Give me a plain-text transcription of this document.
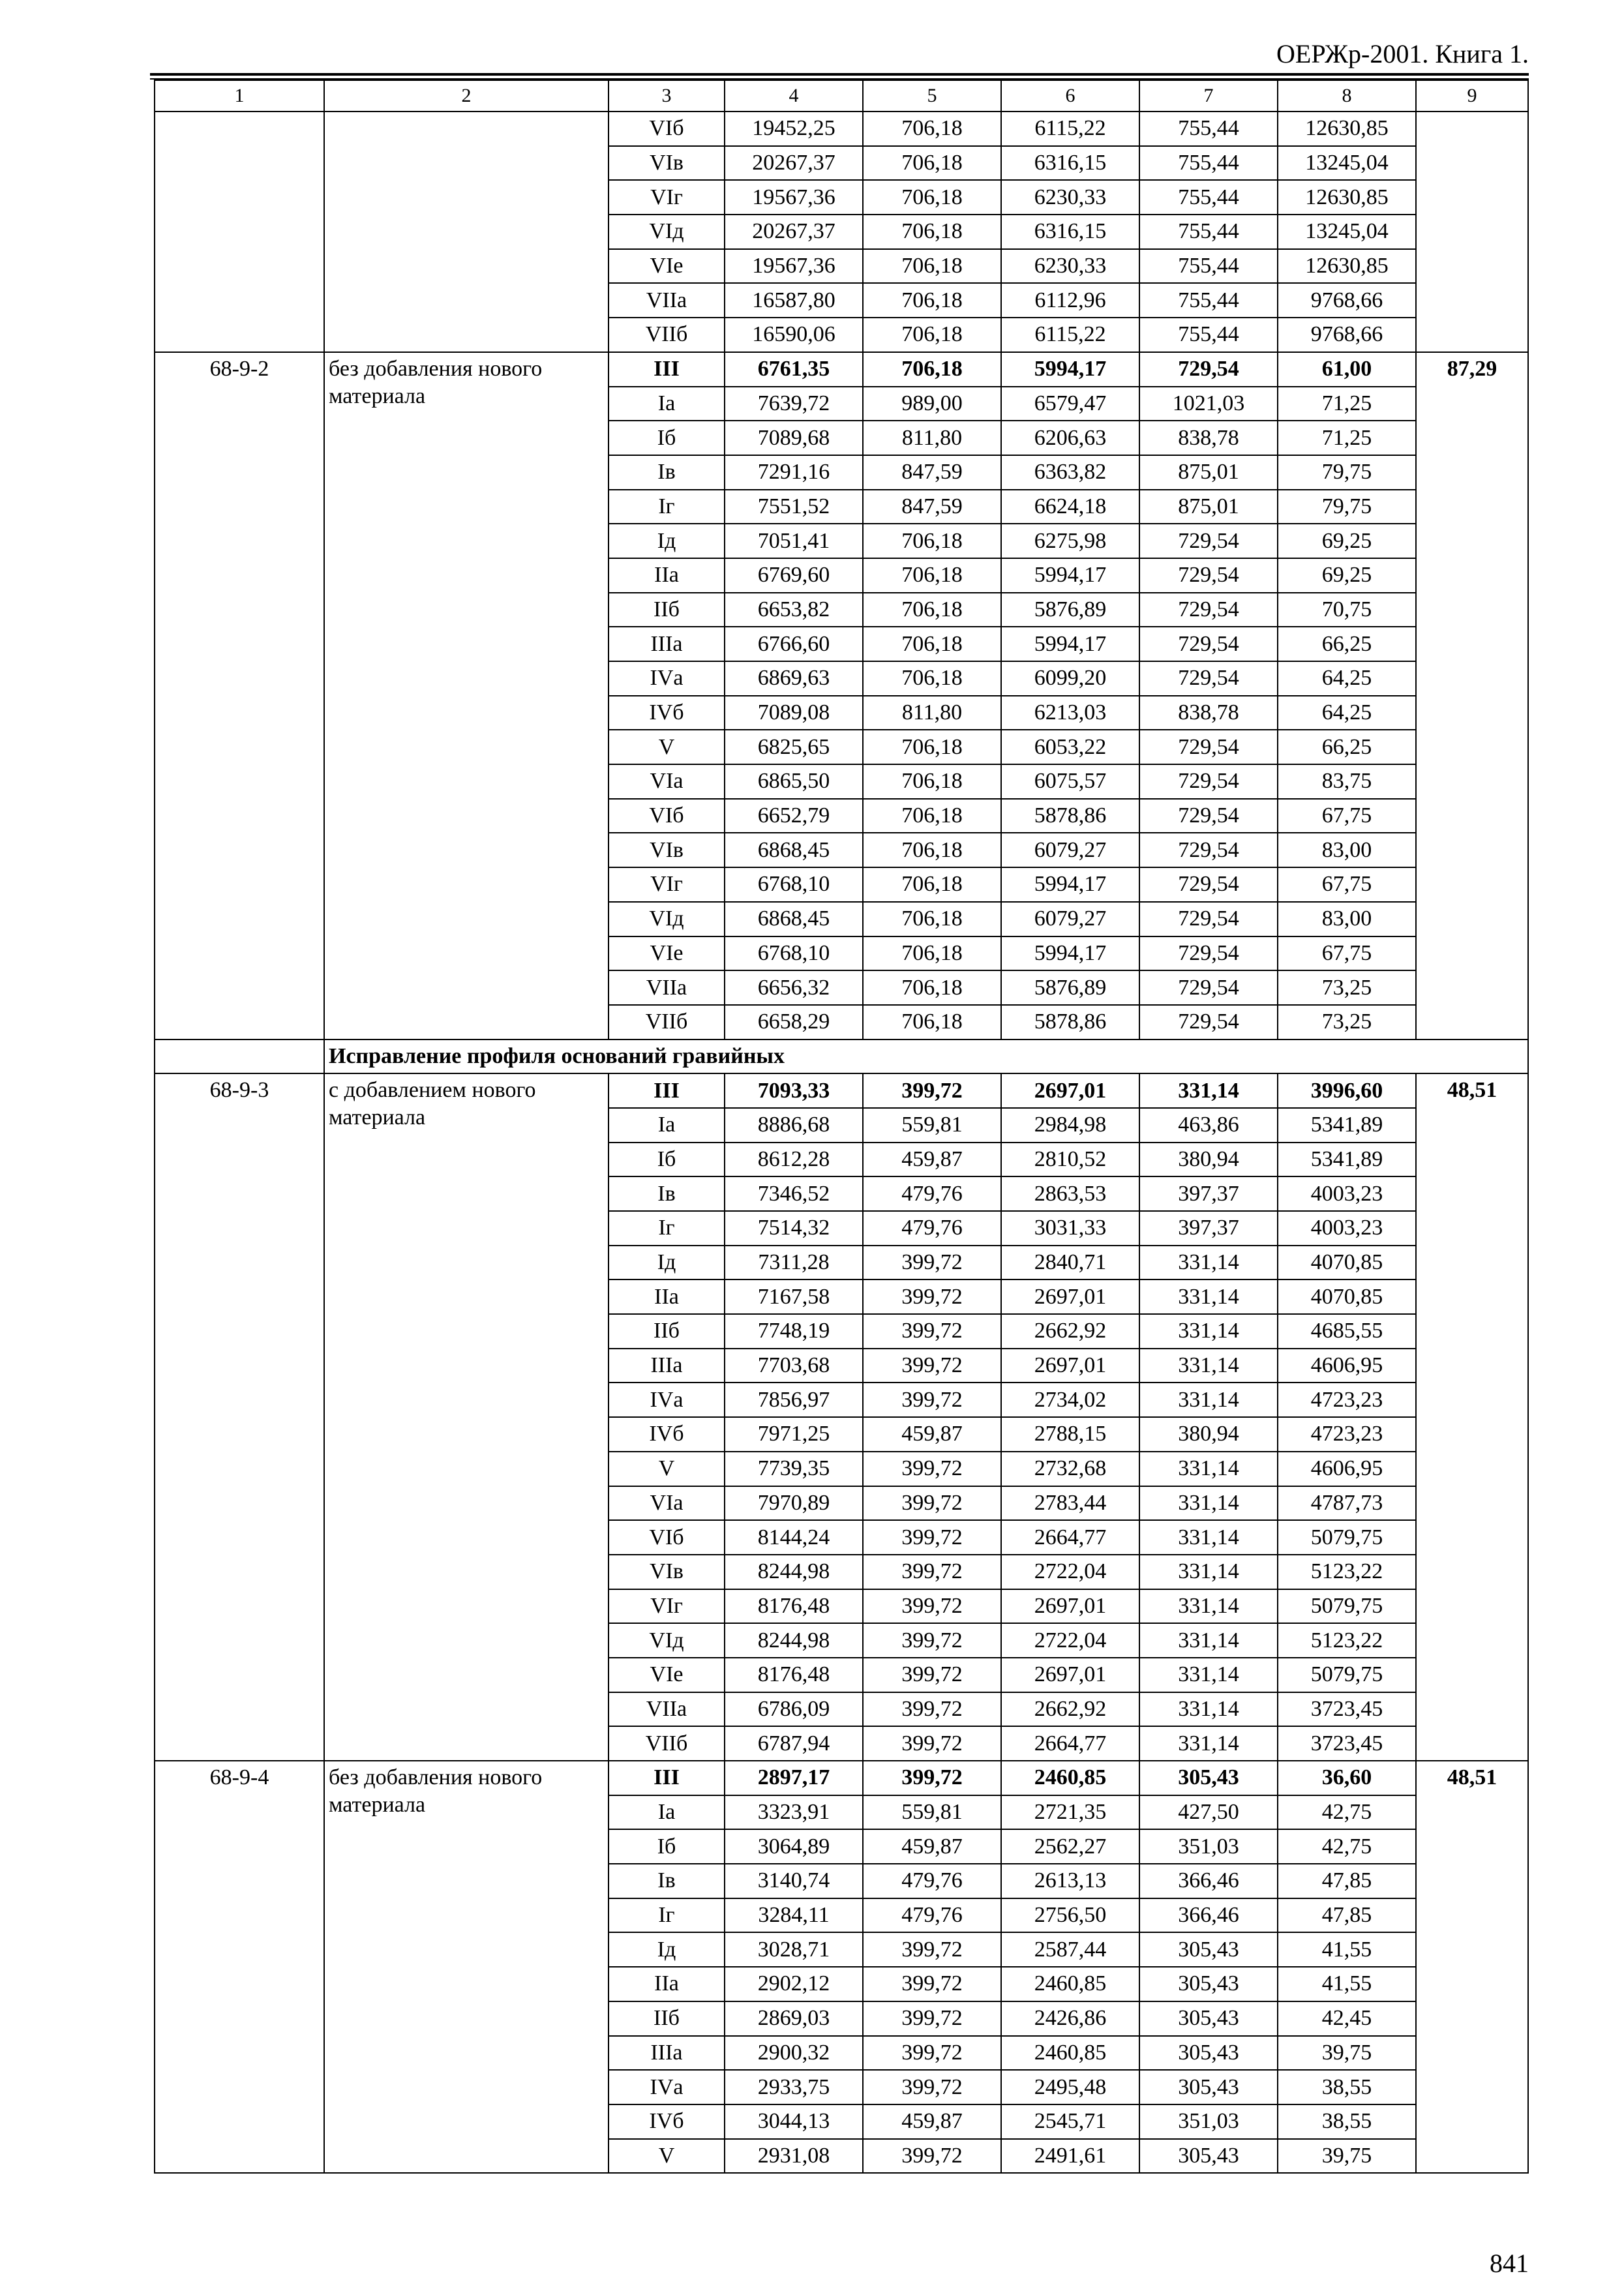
ОЕРЖр-2001. Книга 1.
1	2	3	4	5	6	7	8	9
		VIб	19452,25	706,18	6115,22	755,44	12630,85	
		VIв	20267,37	706,18	6316,15	755,44	13245,04	
		VIг	19567,36	706,18	6230,33	755,44	12630,85	
		VIд	20267,37	706,18	6316,15	755,44	13245,04	
		VIе	19567,36	706,18	6230,33	755,44	12630,85	
		VIIа	16587,80	706,18	6112,96	755,44	9768,66	
		VIIб	16590,06	706,18	6115,22	755,44	9768,66	
68-9-2	без добавления нового материала	III	6761,35	706,18	5994,17	729,54	61,00	87,29
		Iа	7639,72	989,00	6579,47	1021,03	71,25	
		Iб	7089,68	811,80	6206,63	838,78	71,25	
		Iв	7291,16	847,59	6363,82	875,01	79,75	
		Iг	7551,52	847,59	6624,18	875,01	79,75	
		Iд	7051,41	706,18	6275,98	729,54	69,25	
		IIа	6769,60	706,18	5994,17	729,54	69,25	
		IIб	6653,82	706,18	5876,89	729,54	70,75	
		IIIа	6766,60	706,18	5994,17	729,54	66,25	
		IVа	6869,63	706,18	6099,20	729,54	64,25	
		IVб	7089,08	811,80	6213,03	838,78	64,25	
		V	6825,65	706,18	6053,22	729,54	66,25	
		VIа	6865,50	706,18	6075,57	729,54	83,75	
		VIб	6652,79	706,18	5878,86	729,54	67,75	
		VIв	6868,45	706,18	6079,27	729,54	83,00	
		VIг	6768,10	706,18	5994,17	729,54	67,75	
		VIд	6868,45	706,18	6079,27	729,54	83,00	
		VIе	6768,10	706,18	5994,17	729,54	67,75	
		VIIа	6656,32	706,18	5876,89	729,54	73,25	
		VIIб	6658,29	706,18	5878,86	729,54	73,25	
	Исправление профиля оснований гравийных							
68-9-3	с добавлением нового материала	III	7093,33	399,72	2697,01	331,14	3996,60	48,51
		Iа	8886,68	559,81	2984,98	463,86	5341,89	
		Iб	8612,28	459,87	2810,52	380,94	5341,89	
		Iв	7346,52	479,76	2863,53	397,37	4003,23	
		Iг	7514,32	479,76	3031,33	397,37	4003,23	
		Iд	7311,28	399,72	2840,71	331,14	4070,85	
		IIа	7167,58	399,72	2697,01	331,14	4070,85	
		IIб	7748,19	399,72	2662,92	331,14	4685,55	
		IIIа	7703,68	399,72	2697,01	331,14	4606,95	
		IVа	7856,97	399,72	2734,02	331,14	4723,23	
		IVб	7971,25	459,87	2788,15	380,94	4723,23	
		V	7739,35	399,72	2732,68	331,14	4606,95	
		VIа	7970,89	399,72	2783,44	331,14	4787,73	
		VIб	8144,24	399,72	2664,77	331,14	5079,75	
		VIв	8244,98	399,72	2722,04	331,14	5123,22	
		VIг	8176,48	399,72	2697,01	331,14	5079,75	
		VIд	8244,98	399,72	2722,04	331,14	5123,22	
		VIе	8176,48	399,72	2697,01	331,14	5079,75	
		VIIа	6786,09	399,72	2662,92	331,14	3723,45	
		VIIб	6787,94	399,72	2664,77	331,14	3723,45	
68-9-4	без добавления нового материала	III	2897,17	399,72	2460,85	305,43	36,60	48,51
		Iа	3323,91	559,81	2721,35	427,50	42,75	
		Iб	3064,89	459,87	2562,27	351,03	42,75	
		Iв	3140,74	479,76	2613,13	366,46	47,85	
		Iг	3284,11	479,76	2756,50	366,46	47,85	
		Iд	3028,71	399,72	2587,44	305,43	41,55	
		IIа	2902,12	399,72	2460,85	305,43	41,55	
		IIб	2869,03	399,72	2426,86	305,43	42,45	
		IIIа	2900,32	399,72	2460,85	305,43	39,75	
		IVа	2933,75	399,72	2495,48	305,43	38,55	
		IVб	3044,13	459,87	2545,71	351,03	38,55	
		V	2931,08	399,72	2491,61	305,43	39,75	
841
